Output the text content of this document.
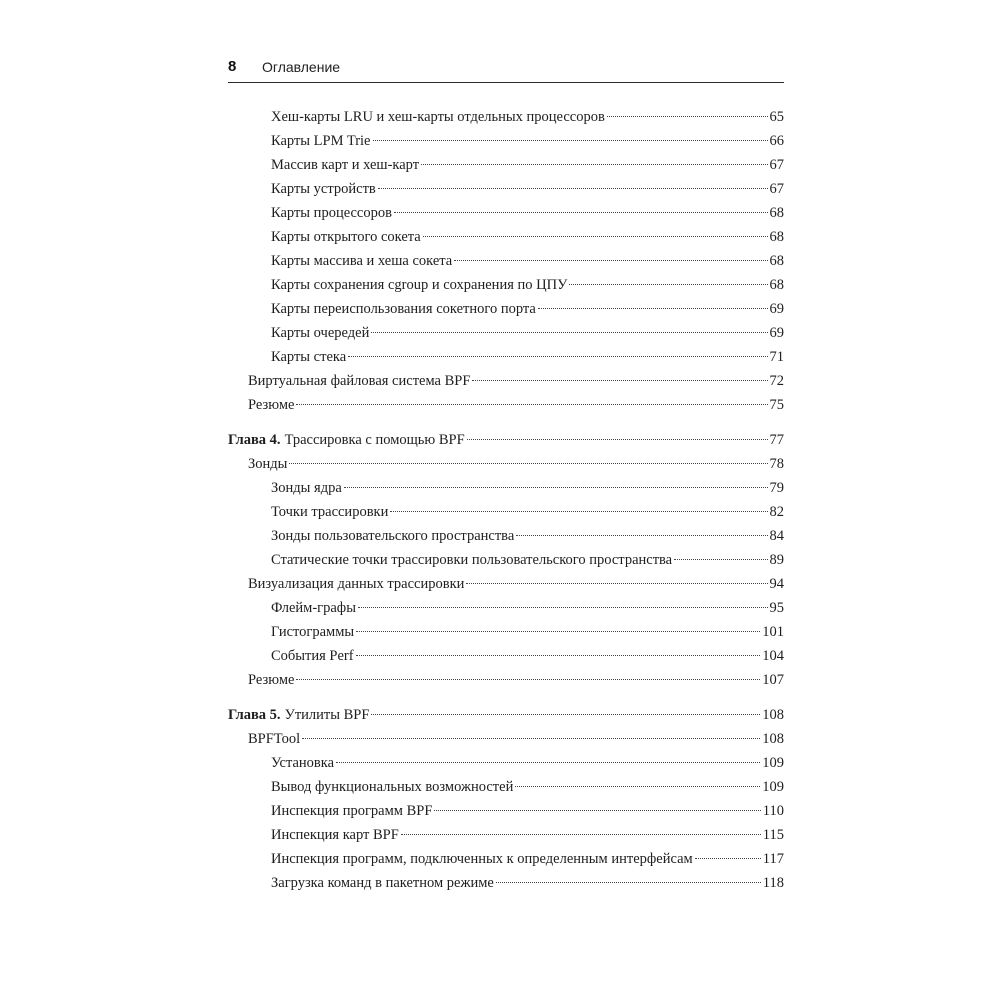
8 Оглавление
Хеш-карты LRU и хеш-карты отдельных процессоров	65
Карты LPM Trie	66
Массив карт и хеш-карт	67
Карты устройств	67
Карты процессоров	68
Карты открытого сокета	68
Карты массива и хеша сокета	68
Карты сохранения cgroup и сохранения по ЦПУ	68
Карты переиспользования сокетного порта	69
Карты очередей	69
Карты стека	71
Виртуальная файловая система BPF	72
Резюме	75
Глава 4. Трассировка с помощью BPF	77
Зонды	78
Зонды ядра	79
Точки трассировки	82
Зонды пользовательского пространства	84
Статические точки трассировки пользовательского пространства	89
Визуализация данных трассировки	94
Флейм-графы	95
Гистограммы	101
События Perf	104
Резюме	107
Глава 5. Утилиты BPF	108
BPFTool	108
Установка	109
Вывод функциональных возможностей	109
Инспекция программ BPF	110
Инспекция карт BPF	115
Инспекция программ, подключенных к определенным интерфейсам	117
Загрузка команд в пакетном режиме	118
